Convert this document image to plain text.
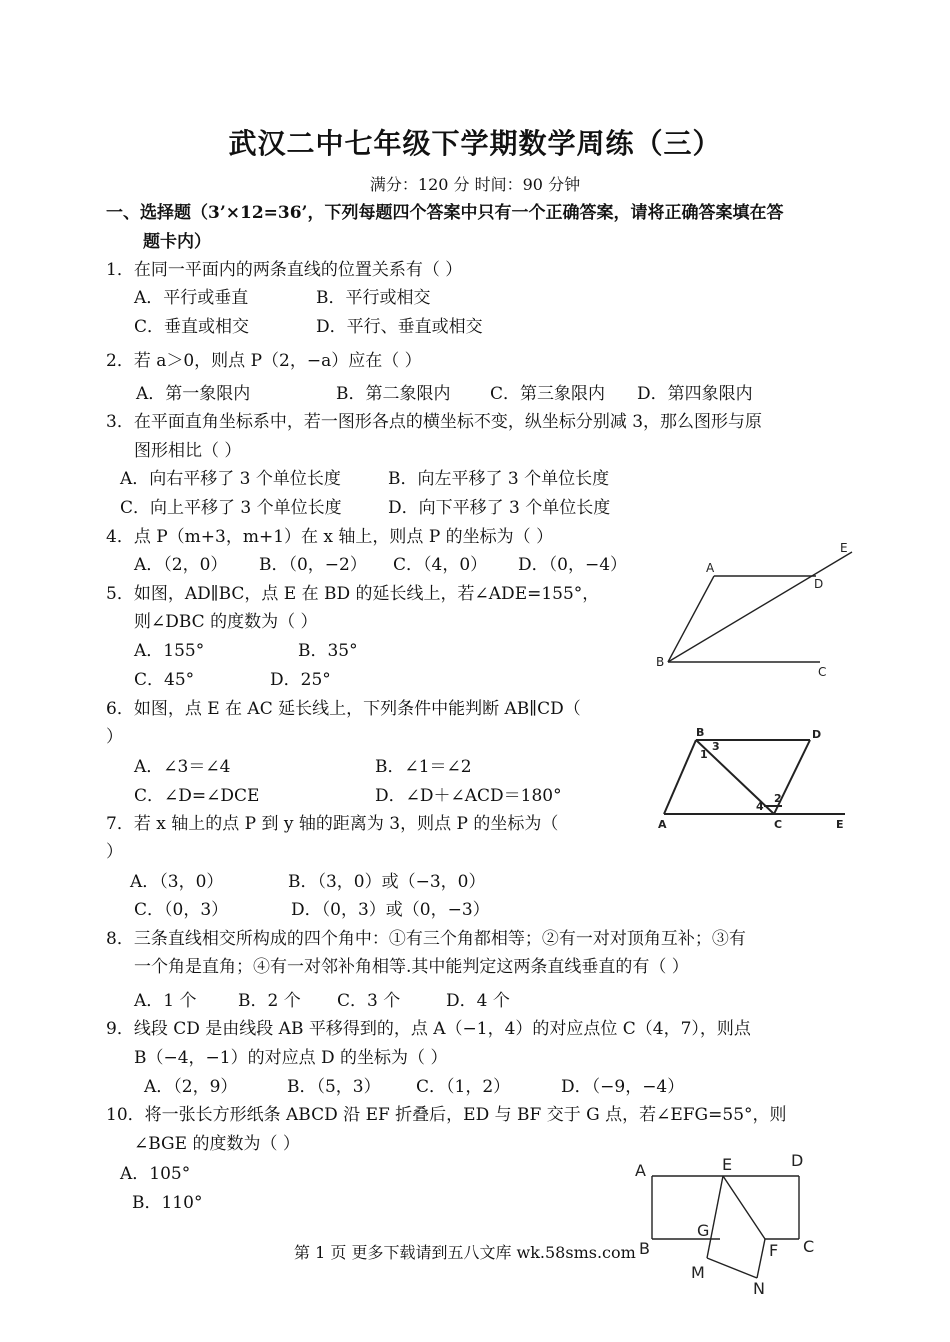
武汉二中七年级下学期数学周练（三）
满分：120 分 时间：90 分钟
一、选择题（3’×12=36’，下列每题四个答案中只有一个正确答案，请将正确答案填在答
题卡内）
1．在同一平面内的两条直线的位置关系有（ ）
A．平行或垂直	B．平行或相交
C．垂直或相交	D．平行、垂直或相交
2．若 a＞0，则点 P（2，−a）应在（ ）
A．第一象限内	B．第二象限内 C．第三象限内 D．第四象限内
3．在平面直角坐标系中，若一图形各点的横坐标不变，纵坐标分别减 3，那么图形与原
图形相比（ ）
A．向右平移了 3 个单位长度	B．向左平移了 3 个单位长度
C．向上平移了 3 个单位长度	D．向下平移了 3 个单位长度
4．点 P（m+3，m+1）在 x 轴上，则点 P 的坐标为（ ）
A．（2，0） B．（0，−2） C．（4，0） D．（0，−4）
5．如图，AD∥BC，点 E 在 BD 的延长线上，若∠ADE=155°，
则∠DBC 的度数为（ ）
A．155°	B．35°
C．45°	D．25°
6．如图，点 E 在 AC 延长线上，下列条件中能判断 AB∥CD（
）
A．∠3＝∠4	B．∠1＝∠2
C．∠D=∠DCE	D．∠D＋∠ACD＝180°
7．若 x 轴上的点 P 到 y 轴的距离为 3，则点 P 的坐标为（
）
A．（3，0）	B．（3，0）或（−3，0）
C．（0，3）	D．（0，3）或（0，−3）
8．三条直线相交所构成的四个角中：①有三个角都相等；②有一对对顶角互补；③有
一个角是直角；④有一对邻补角相等.其中能判定这两条直线垂直的有（ ）
A．1 个 B．2 个 C．3 个	D．4 个
9．线段 CD 是由线段 AB 平移得到的，点 A（−1，4）的对应点位 C（4，7），则点
B（−4，−1）的对应点 D 的坐标为（ ）
A．（2，9）	B．（5，3） C．（1，2）	D．（−9，−4）
10．将一张长方形纸条 ABCD 沿 EF 折叠后，ED 与 BF 交于 G 点，若∠EFG=55°，则
∠BGE 的度数为（ ）
A．105°
B．110°
A
B
C
D
E
A
B
C
D
E
1
2
3
4
A	E	D
G
B	F C
M
N
第 1 页 更多下载请到五八文库 wk.58sms.com
